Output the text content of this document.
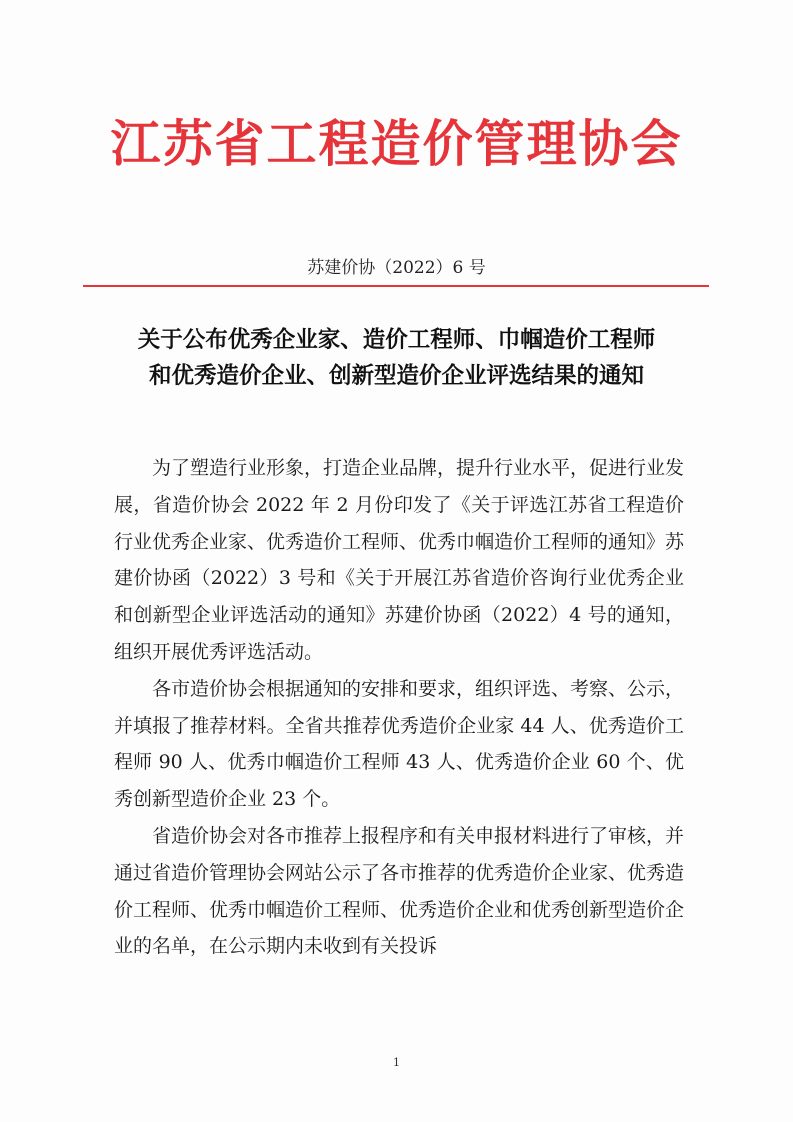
江苏省工程造价管理协会
苏建价协（2022）6 号
关于公布优秀企业家、造价工程师、巾帼造价工程师
和优秀造价企业、创新型造价企业评选结果的通知

为了塑造行业形象，打造企业品牌，提升行业水平，促进行业发展，省造价协会 2022 年 2 月份印发了《关于评选江苏省工程造价行业优秀企业家、优秀造价工程师、优秀巾帼造价工程师的通知》苏建价协函（2022）3 号和《关于开展江苏省造价咨询行业优秀企业和创新型企业评选活动的通知》苏建价协函（2022）4 号的通知，组织开展优秀评选活动。

各市造价协会根据通知的安排和要求，组织评选、考察、公示，并填报了推荐材料。全省共推荐优秀造价企业家 44 人、优秀造价工程师 90 人、优秀巾帼造价工程师 43 人、优秀造价企业 60 个、优秀创新型造价企业 23 个。

省造价协会对各市推荐上报程序和有关申报材料进行了审核，并通过省造价管理协会网站公示了各市推荐的优秀造价企业家、优秀造价工程师、优秀巾帼造价工程师、优秀造价企业和优秀创新型造价企业的名单，在公示期内未收到有关投诉

1
